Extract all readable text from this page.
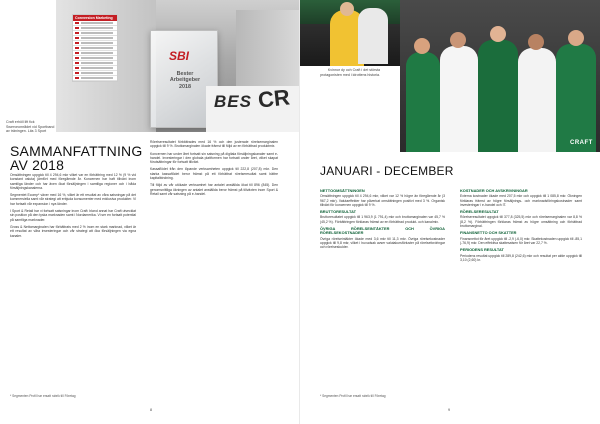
Conversion Marketing
SBI
Bester
Arbeitgeber
2018
BES CR
Craft erhöll lift fick Swerveområdet vid Sportband av träningen. Läs 3 Sport
SAMMANFATTNING
AV 2018

Omsättningen uppgick till 4 294,6 mkr vilket var en förbättring med 12 % (9 % vid konstant valuta) jämfört med föregående år. Koncernen har haft tillväxt inom samtliga länder och har även ökat försäljningen i samtliga regioner och i båda försäljningskanalerna.

Segmentet Ecomp* växer med 16 %, vilket är ett resultat av våra satsningar på det kommersiella samt vår strategi att erbjuda konsumenter med exklusiva produkter. Vi har fortsatt vår expansion i nya länder.

I Sport & Retail har vi fortsatt satsningar inom Craft: bland annat har Craft utvecklat sin position på den tyska marknaden samt i Nordamerika. Vi ser en fortsatt potential på samtliga marknader.

Gross & Nettomarginalen har förbättrats med 2 % inom en stark marknad, vilket är ett resultat av våra investeringar och vår strategi att öka försäljningen via egna kanaler.

Rörelseresultatet förbättrades med 16 % och den justerade rörelsemarginalen uppgick till 9 %. Bruttomarginalen ökade främst till följd av en förbättrad produktmix.

Koncernen har under året fortsatt sin satsning på digitala försäljningskanaler samt e-handel. Investeringar i den globala plattformen har fortsatt under året, vilket skapat förutsättningar för fortsatt tillväxt.

Kassaflödet från den löpande verksamheten uppgick till 222,8 (207,8) mkr. Den starka kassaflödet beror främst på ett förbättrat rörelseresultat samt bättre kapitalbindning.

Till följd av vår utökade verksamhet har antalet anställda ökat till 896 (845). Den genomsnittliga ökningen av antalet anställda beror främst på tillväxten inom Sport & Retail samt vår satsning på e-handel.

* Segmenten Profil har ersatt rubrik till Företag
8
Kvinnor dy och Craft i det största protagonisten med i idrottens historia.
CRAFT
JANUARI - DECEMBER
NETTOOMSÄTTNINGEN

Omsättningen uppgick till 4 294,6 mkr, vilket var 12 % högre än föregående år (3 967,2 mkr). Valutaeffekter har påverkat omsättningen positivt med 3 %. Organisk tillväxt för koncernen uppgick till 9 %.

BRUTTORESULTAT

Bruttoresultatet uppgick till 1 963,9 (1 791,4) mkr och bruttomarginalen var 45,7 % (45,2 %). Förbättringen förklaras främst av en förbättrad produkt- och kanalmix.

ÖVRIGA RÖRELSEINTÄKTER OCH ÖVRIGA RÖRELSEKOSTNADER

Övriga rörelseintäkter ökade med 3,6 mkr till 11,3 mkr. Övriga rörelsekostnader uppgick till 9,8 mkr, vilket i huvudsak avser valutakursförluster på rörelsefordringar och rörelseskulder.

KOSTNADER OCH AVSKRIVNINGAR

Externa kostnader ökade med 207,5 mkr och uppgick till 1 085,8 mkr. Ökningen förklaras främst av högre försäljnings- och marknadsföringskostnader samt investeringar i e-handel och IT.

RÖRELSERESULTAT

Rörelseresultatet uppgick till 377,8 (325,5) mkr och rörelsemarginalen var 8,8 % (8,2 %). Förbättringen förklaras främst av högre omsättning och förbättrad bruttomarginal.

FINANSNETTO OCH SKATTER

Finansnettot för året uppgick till -2,9 (-6,0) mkr. Skattekostnaden uppgick till -85,1 (-76,9) mkr. Den effektiva skattesatsen för året var 22,7 %.

PERIODENS RESULTAT

Periodens resultat uppgick till 289,8 (242,6) mkr och resultat per aktie uppgick till 3,10 (2,60) kr.

* Segmenten Profil har ersatt rubrik till Företag
9
